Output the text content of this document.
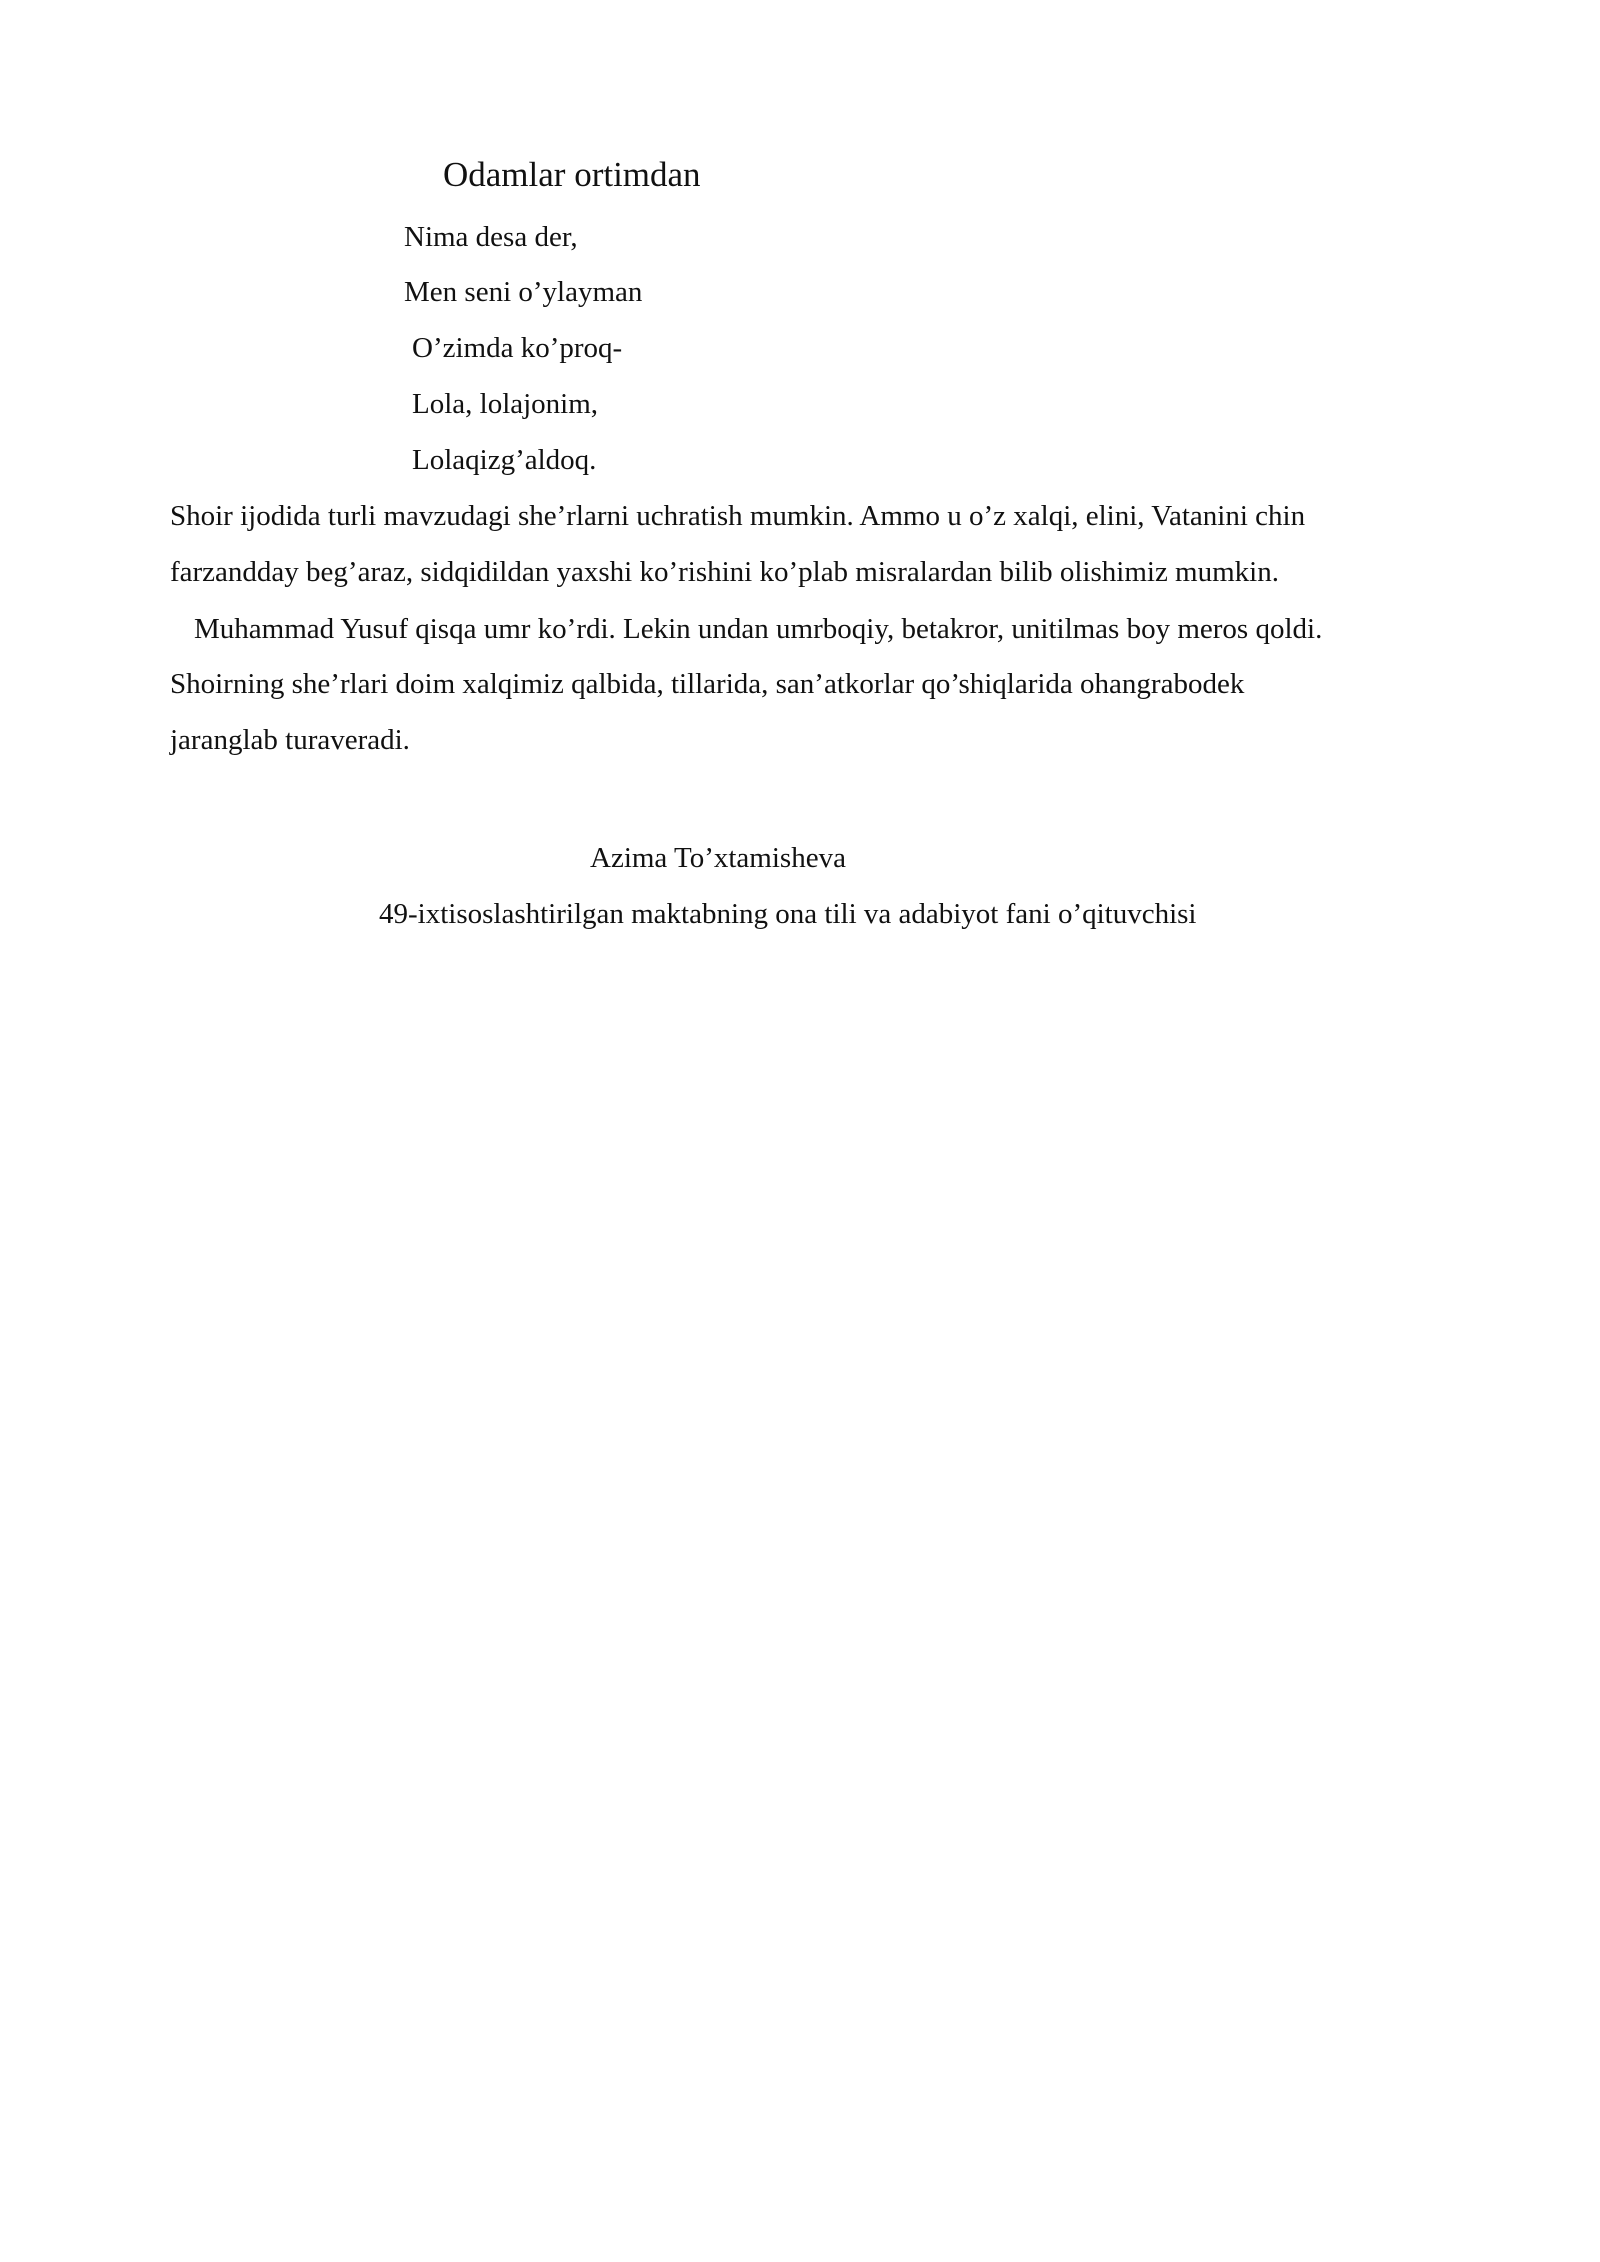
Odamlar ortimdan
Nima desa der,
Men seni o’ylayman
O’zimda ko’proq-
Lola, lolajonim,
Lolaqizg’aldoq.
Shoir ijodida turli mavzudagi she’rlarni uchratish mumkin. Ammo u o’z xalqi, elini, Vatanini chin
farzandday beg’araz, sidqidildan yaxshi ko’rishini ko’plab misralardan bilib olishimiz mumkin.
Muhammad Yusuf qisqa umr ko’rdi. Lekin undan umrboqiy, betakror, unitilmas boy meros qoldi.
Shoirning she’rlari doim xalqimiz qalbida, tillarida, san’atkorlar qo’shiqlarida ohangrabodek
jaranglab turaveradi.
Azima To’xtamisheva
49-ixtisoslashtirilgan maktabning ona tili va adabiyot fani o’qituvchisi
